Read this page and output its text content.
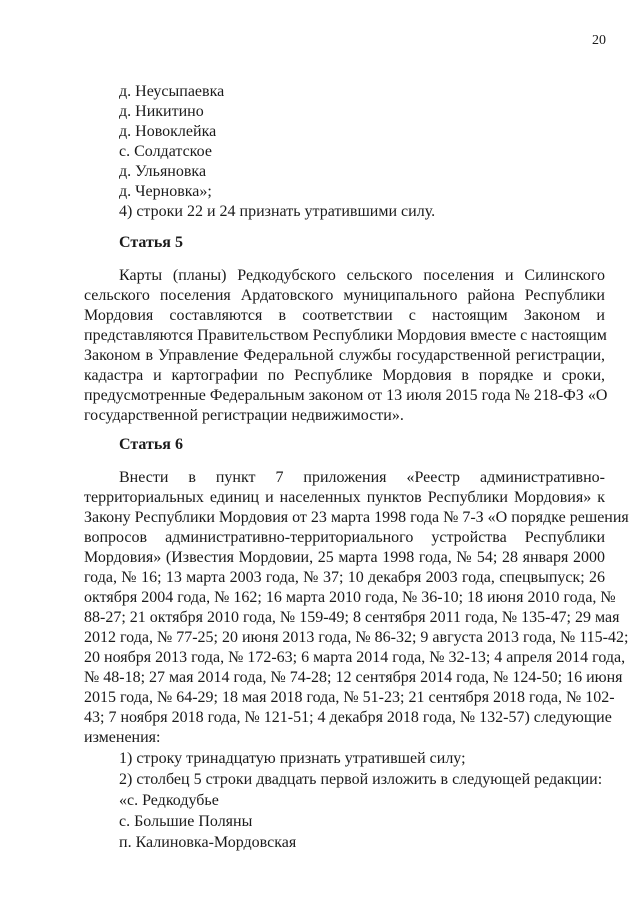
20
д. Неусыпаевка
д. Никитино
д. Новоклейка
с. Солдатское
д. Ульяновка
д. Черновка»;
4) строки 22 и 24 признать утратившими силу.
Статья 5
Карты (планы) Редкодубского сельского поселения и Силинского
сельского поселения Ардатовского муниципального района Республики
Мордовия составляются в соответствии с настоящим Законом и
представляются Правительством Республики Мордовия вместе с настоящим
Законом в Управление Федеральной службы государственной регистрации,
кадастра и картографии по Республике Мордовия в порядке и сроки,
предусмотренные Федеральным законом от 13 июля 2015 года № 218-ФЗ «О
государственной регистрации недвижимости».
Статья 6
Внести в пункт 7 приложения «Реестр административно-
территориальных единиц и населенных пунктов Республики Мордовия» к
Закону Республики Мордовия от 23 марта 1998 года № 7-З «О порядке решения
вопросов административно-территориального устройства Республики
Мордовия» (Известия Мордовии, 25 марта 1998 года, № 54; 28 января 2000
года, № 16; 13 марта 2003 года, № 37; 10 декабря 2003 года, спецвыпуск; 26
октября 2004 года, № 162; 16 марта 2010 года, № 36-10; 18 июня 2010 года, №
88-27; 21 октября 2010 года, № 159-49; 8 сентября 2011 года, № 135-47; 29 мая
2012 года, № 77-25; 20 июня 2013 года, № 86-32; 9 августа 2013 года, № 115-42;
20 ноября 2013 года, № 172-63; 6 марта 2014 года, № 32-13; 4 апреля 2014 года,
№ 48-18; 27 мая 2014 года, № 74-28; 12 сентября 2014 года, № 124-50; 16 июня
2015 года, № 64-29; 18 мая 2018 года, № 51-23; 21 сентября 2018 года, № 102-
43; 7 ноября 2018 года, № 121-51; 4 декабря 2018 года, № 132-57) следующие
изменения:
1) строку тринадцатую признать утратившей силу;
2) столбец 5 строки двадцать первой изложить в следующей редакции:
«с. Редкодубье
с. Большие Поляны
п. Калиновка-Мордовская
